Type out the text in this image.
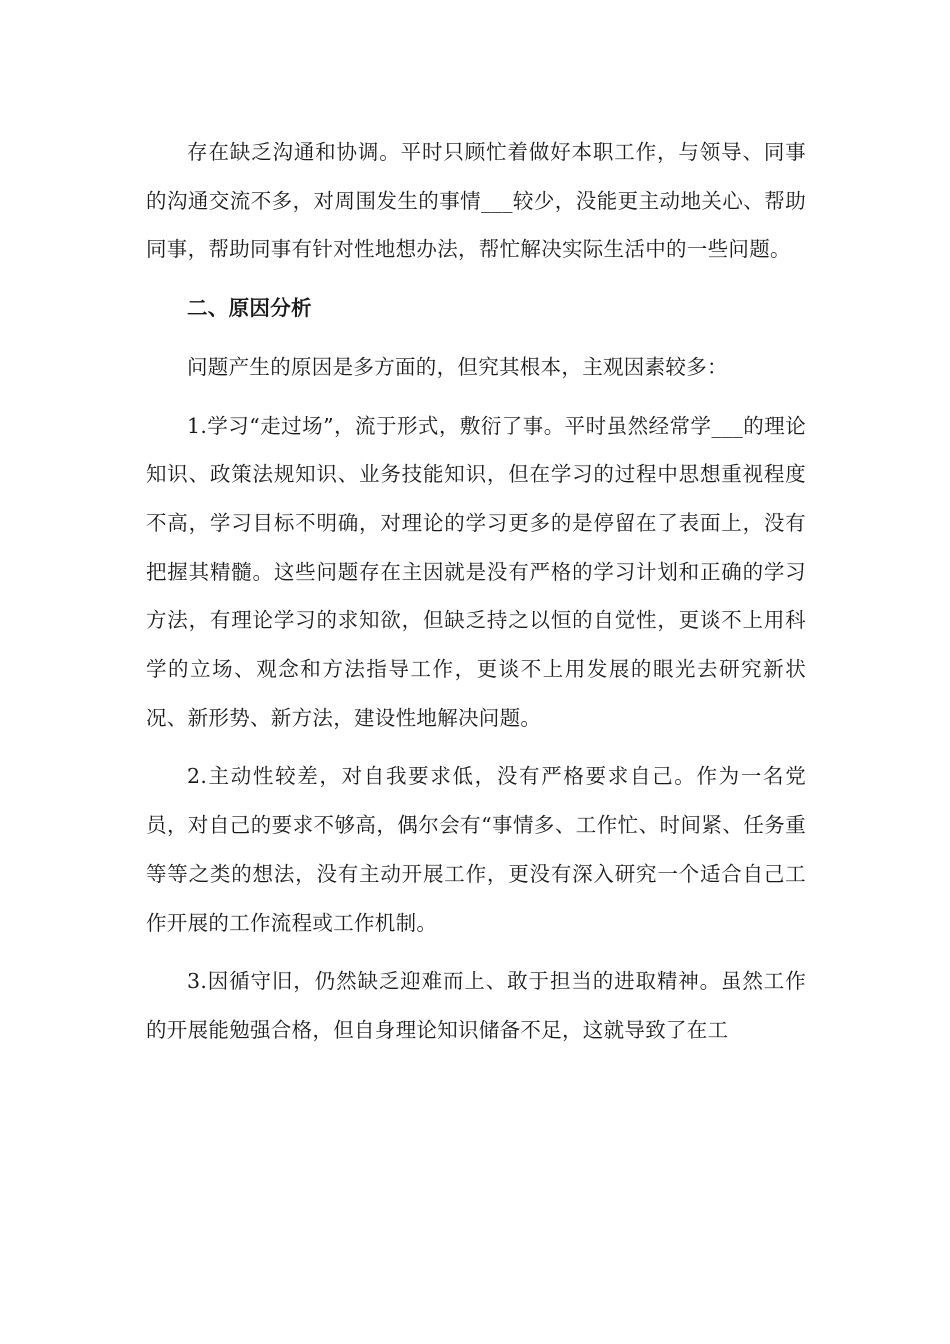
存在缺乏沟通和协调。平时只顾忙着做好本职工作，与领导、同事的沟通交流不多，对周围发生的事情___较少，没能更主动地关心、帮助同事，帮助同事有针对性地想办法，帮忙解决实际生活中的一些问题。

二、原因分析

问题产生的原因是多方面的，但究其根本，主观因素较多：

1.学习“走过场”，流于形式，敷衍了事。平时虽然经常学___的理论知识、政策法规知识、业务技能知识，但在学习的过程中思想重视程度不高，学习目标不明确，对理论的学习更多的是停留在了表面上，没有把握其精髓。这些问题存在主因就是没有严格的学习计划和正确的学习方法，有理论学习的求知欲，但缺乏持之以恒的自觉性，更谈不上用科学的立场、观念和方法指导工作，更谈不上用发展的眼光去研究新状况、新形势、新方法，建设性地解决问题。

2.主动性较差，对自我要求低，没有严格要求自己。作为一名党员，对自己的要求不够高，偶尔会有“事情多、工作忙、时间紧、任务重等等之类的想法，没有主动开展工作，更没有深入研究一个适合自己工作开展的工作流程或工作机制。

3.因循守旧，仍然缺乏迎难而上、敢于担当的进取精神。虽然工作的开展能勉强合格，但自身理论知识储备不足，这就导致了在工
